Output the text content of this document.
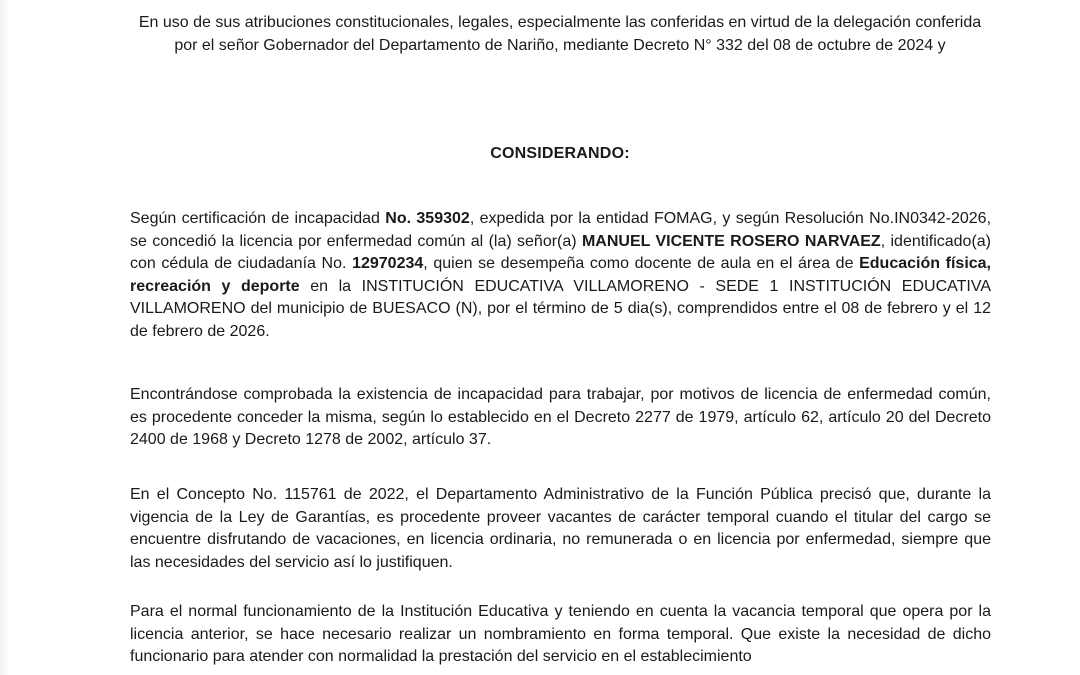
En uso de sus atribuciones constitucionales, legales, especialmente las conferidas en virtud de la delegación conferida por el señor Gobernador del Departamento de Nariño, mediante Decreto N° 332 del 08 de octubre de 2024 y

CONSIDERANDO:

Según certificación de incapacidad No. 359302, expedida por la entidad FOMAG, y según Resolución No.IN0342-2026, se concedió la licencia por enfermedad común al (la) señor(a) MANUEL VICENTE ROSERO NARVAEZ, identificado(a) con cédula de ciudadanía No. 12970234, quien se desempeña como docente de aula en el área de Educación física, recreación y deporte en la INSTITUCIÓN EDUCATIVA VILLAMORENO - SEDE 1 INSTITUCIÓN EDUCATIVA VILLAMORENO del municipio de BUESACO (N), por el término de 5 dia(s), comprendidos entre el 08 de febrero y el 12 de febrero de 2026.

Encontrándose comprobada la existencia de incapacidad para trabajar, por motivos de licencia de enfermedad común, es procedente conceder la misma, según lo establecido en el Decreto 2277 de 1979, artículo 62, artículo 20 del Decreto 2400 de 1968 y Decreto 1278 de 2002, artículo 37.

En el Concepto No. 115761 de 2022, el Departamento Administrativo de la Función Pública precisó que, durante la vigencia de la Ley de Garantías, es procedente proveer vacantes de carácter temporal cuando el titular del cargo se encuentre disfrutando de vacaciones, en licencia ordinaria, no remunerada o en licencia por enfermedad, siempre que las necesidades del servicio así lo justifiquen.

Para el normal funcionamiento de la Institución Educativa y teniendo en cuenta la vacancia temporal que opera por la licencia anterior, se hace necesario realizar un nombramiento en forma temporal. Que existe la necesidad de dicho funcionario para atender con normalidad la prestación del servicio en el establecimiento
